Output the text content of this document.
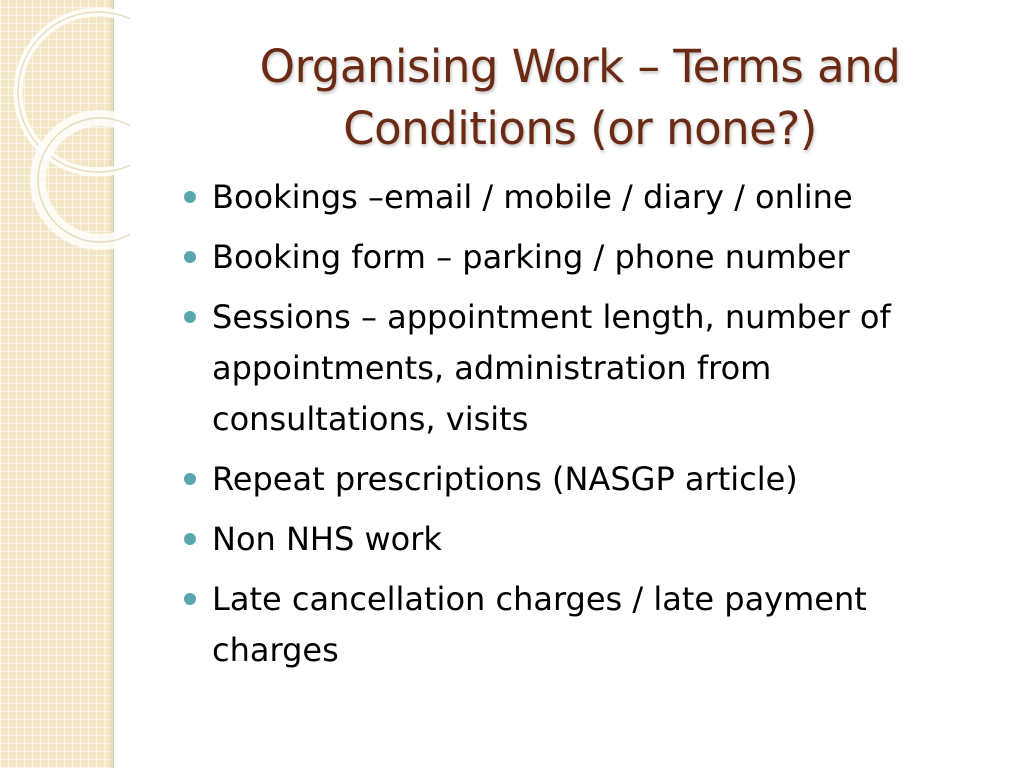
Organising Work – Terms and
Conditions (or none?)
Bookings –email / mobile / diary / online
Booking form – parking / phone number
Sessions – appointment length, number of appointments, administration from consultations, visits
Repeat prescriptions (NASGP article)
Non NHS work
Late cancellation charges / late payment charges
